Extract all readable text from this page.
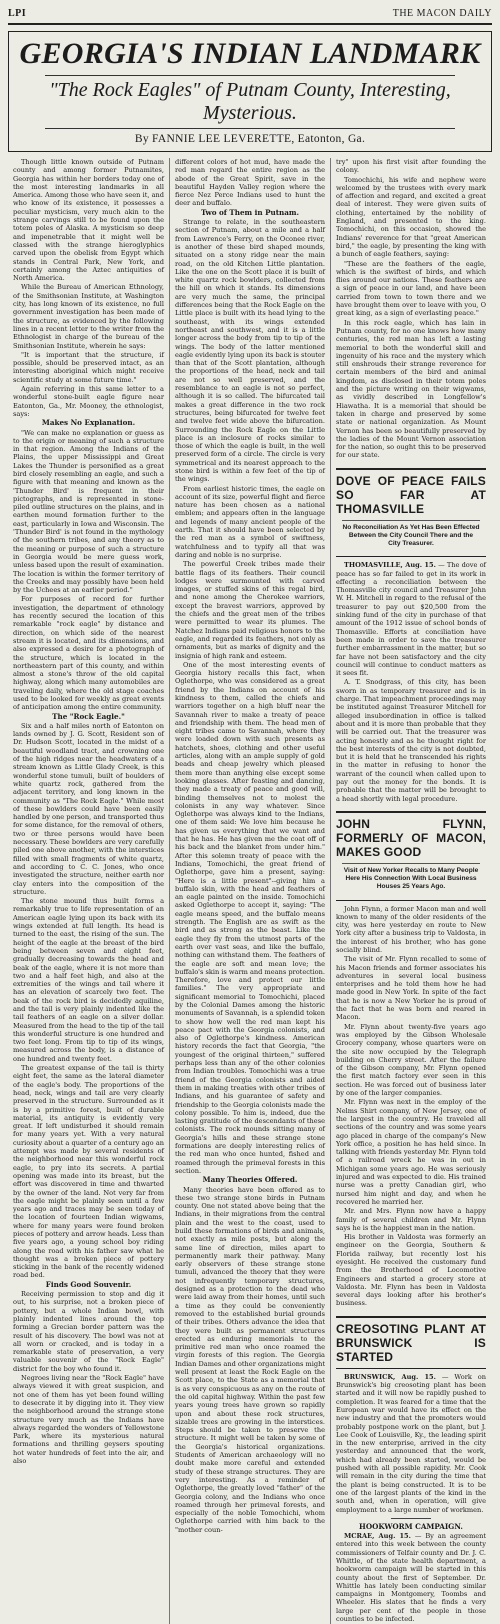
LPI	THE MACON DAILY
GEORGIA'S INDIAN LANDMARK
"The Rock Eagles" of Putnam County, Interesting, Mysterious.
By FANNIE LEE LEVERETTE, Eatonton, Ga.

Though little known outside of Putnam county and among former Putnamites, Georgia has within her borders today one of the most interesting landmarks in all America. Among those who have seen it, and who know of its existence, it possesses a peculiar mysticism, very much akin to the strange carvings still to be found upon the totem poles of Alaska. A mysticism so deep and impenetrable that it might well be classed with the strange hieroglyphics carved upon the obelisk from Egypt which stands in Central Park, New York, and certainly among the Aztec antiquities of North America.

While the Bureau of American Ethnology, of the Smithsonian Institute, at Washington city, has long known of its existence, no full government investigation has been made of the structure, as evidenced by the following lines in a recent letter to the writer from the Ethnologist in charge of the bureau of the Smithsonian Institute, wherein he says:

"It is important that the structure, if possible, should be preserved intact, as an interesting aboriginal which might receive scientific study at some future time."

Again referring in this same letter to a wonderful stone-built eagle figure near Eatonton, Ga., Mr. Mooney, the ethnologist, says:

Makes No Explanation.

"We can make no explanation or guess as to the origin or meaning of such a structure in that region. Among the Indians of the Plains, the upper Mississippi and Great Lakes the Thunder is personified as a great bird closely resembling an eagle, and such a figure with that meaning and known as the 'Thunder Bird' is frequent in their pictographs, and is represented in stone-piled outline structures on the plains, and in earthen mound formation further to the east, particularly in Iowa and Wisconsin. The 'Thunder Bird' is not found in the mythology of the southern tribes, and any theory as to the meaning or purpose of such a structure in Georgia would be mere guess work, unless based upon the result of examination. The location is within the former territory of the Creeks and may possibly have been held by the Uchees at an earlier period."

For purposes of record for further investigation, the department of ethnology has recently secured the location of this remarkable "rock eagle" by distance and direction, on which side of the nearest stream it is located, and its dimensions, and also expressed a desire for a photograph of the structure, which is located in the northeastern part of this county, and within almost a stone's throw of the old capital highway, along which many automobiles are traveling daily, where the old stage coaches used to be looked for weekly as great events of anticipation among the entire community.

The "Rock Eagle."

Six and a half miles north of Eatonton on lands owned by J. G. Scott, Resident son of Dr. Hudson Scott, located in the midst of a beautiful woodland tract, and crowning one of the high ridges near the headwaters of a stream known as Little Glady Creek, is this wonderful stone tumuli, built of boulders of white quartz rock, gathered from the adjacent territory, and long known in the community as "The Rock Eagle." While most of these bowlders could have been easily handled by one person, and transported thus for some distance, for the removal of others, two or three persons would have been necessary. These bowlders are very carefully piled one above another, with the interstices filled with small fragments of white quartz, and according to C. C. Jones, who once investigated the structure, neither earth nor clay enters into the composition of the structure.

The stone mound thus built forms a remarkably true to life representation of an American eagle lying upon its back with its wings extended at full length. Its head is turned to the east, the rising of the sun. The height of the eagle at the breast of the bird being between seven and eight feet, gradually decreasing towards the head and beak of the eagle, where it is not more than two and a half feet high, and also at the extremities of the wings and tail where it has an elevation of scarcely two feet. The beak of the rock bird is decidedly aquiline, and the tail is very plainly indented like the tail feathers of an eagle on a silver dollar. Measured from the head to the tip of the tail this wonderful structure is one hundred and two feet long. From tip to tip of its wings, measured across the body, is a distance of one hundred and twenty feet.

The greatest expanse of the tail is thirty eight feet, the same as the lateral diameter of the eagle's body. The proportions of the head, neck, wings and tail are very clearly preserved in the structure. Surrounded as it is by a primitive forest, built of durable material, its antiquity is evidently very great. If left undisturbed it should remain for many years yet. With a very natural curiosity about a quarter of a century ago an attempt was made by several residents of the neighborhood near this wonderful rock eagle, to pry into its secrets. A partial opening was made into its breast, but the effort was discovered in time and thwarted by the owner of the land. Not very far from the eagle might be plainly seen until a few years ago and traces may be seen today of the location of fourteen Indian wigwams, where for many years were found broken pieces of pottery and arrow heads. Less than five years ago, a young school boy riding along the road with his father saw what he thought was a broken piece of pottery sticking in the bank of the recently widened road bed.

Finds Good Souvenir.

Receiving permission to stop and dig it out, to his surprise, not a broken piece of pottery, but a whole Indian bowl, with plainly indented lines around the top forming a Grecian border pattern was the result of his discovery. The bowl was not at all worn or cracked, and is today in a remarkable state of preservation, a very valuable souvenir of the "Rock Eagle" district for the boy who found it.

Negroes living near the "Rock Eagle" have always viewed it with great suspicion, and not one of them has yet been found willing to desecrate it by digging into it. They view the neighborhood around the strange stone structure very much as the Indians have always regarded the wonders of Yellowstone Park, where its mysterious natural formations and thrilling geysers spouting hot water hundreds of feet into the air, and also

different colors of hot mud, have made the red man regard the entire region as the abode of the Great Spirit, save in the beautiful Hayden Valley region where the fierce Nez Perce Indians used to hunt the deer and buffalo.

Two of Them in Putnam.

Strange to relate, in the southeastern section of Putnam, about a mile and a half from Lawrence's Ferry, on the Oconee river, is another of these bird shaped mounds, situated on a stony ridge near the main road, on the old Kitchen Little plantation. Like the one on the Scott place it is built of white quartz rock bowlders, collected from the hill on which it stands. Its dimensions are very much the same, the principal differences being that the Rock Eagle on the Little place is built with its head lying to the southeast, with its wings extended northeast and southwest, and it is a little longer across the body from tip to tip of the wings. The body of the latter mentioned eagle evidently lying upon its back is stouter than that of the Scott plantation, although the proportions of the head, neck and tail are not so well preserved, and the resemblance to an eagle is not so perfect, although it is so called. The bifurcated tail makes a great difference in the two rock structures, being bifurcated for twelve feet and twelve feet wide above the bifurcation. Surrounding the Rock Eagle on the Little place is an inclosure of rocks similar to those of which the eagle is built, in the well preserved form of a circle. The circle is very symmetrical and its nearest approach to the stone bird is within a few feet of the tip of the wings.

From earliest historic times, the eagle on account of its size, powerful flight and fierce nature has been chosen as a national emblem; and appears often in the language and legends of many ancient people of the earth. That it should have been selected by the red man as a symbol of swiftness, watchfulness and to typify all that was daring and noble is no surprise.

The powerful Creek tribes made their battle flags of its feathers. Their council lodges were surmounted with carved images, or stuffed skins of this regal bird, and none among the Cherokee warriors, except the bravest warriors, approved by the chiefs and the great men of the tribes were permitted to wear its plumes. The Natchez Indians paid religious honors to the eagle, and regarded its feathers, not only as ornaments, but as marks of dignity and the insignia of high rank and esteem.

One of the most interesting events of Georgia history recalls this fact, when Oglethorpe, who was considered as a great friend by the Indians on account of his kindness to them, called the chiefs and warriors together on a high bluff near the Savannah river to make a treaty of peace and friendship with them. The head men of eight tribes came to Savannah, where they were loaded down with such presents as hatchets, shoes, clothing and other useful articles, along with an ample supply of gold beads and cheap jewelry which pleased them more than anything else except some looking glasses. After feasting and dancing, they made a treaty of peace and good will, binding themselves not to molest the colonists in any way whatever. Since Oglethorpe was always kind to the Indians, one of them said: We love him because he has given us everything that we want and that he has. He has given me the coat off of his back and the blanket from under him." After this solemn treaty of peace with the Indians, Tomochichi, the great friend of Oglethorpe, gave him a present, saying: "Here is a little present"--giving him a buffalo skin, with the head and feathers of an eagle painted on the inside. Tomochichi asked Oglethorpe to accept it, saying: "The eagle means speed, and the buffalo means strength. The English are as swift as the bird and as strong as the beast. Like the eagle they fly from the utmost parts of the earth over vast seas, and like the buffalo, nothing can withstand them. The feathers of the eagle are soft and mean love; the buffalo's skin is warm and means protection. Therefore, love and protect our little families." The very appropriate and significant memorial to Tomochichi, placed by the Colonial Dames among the historic monuments of Savannah, is a splendid token to show how well the red man kept his peace pact with the Georgia colonists, and also of Oglethorpe's kindness. American history records the fact that Georgia, "the youngest of the original thirteen," suffered perhaps less than any of the other colonies from Indian troubles. Tomochichi was a true friend of the Georgia colonists and aided them in making treaties with other tribes of Indians, and his guarantee of safety and friendship to the Georgia colonists made the colony possible. To him is, indeed, due the lasting gratitude of the descendants of these colonists. The rock mounds sitting many of Georgia's hills and these strange stone formations are deeply interesting relics of the red man who once hunted, fished and roamed through the primeval forests in this section.

Many Theories Offered.

Many theories have been offered as to these two strange stone birds in Putnam county. One not stated above being that the Indians, in their migrations from the central plain and the west to the coast, used to build these formations of birds and animals, not exactly as mile posts, but along the same line of direction, miles apart to permanently mark their pathway. Many early observers of these strange stone tumuli, advanced the theory that they were not infrequently temporary structures, designed as a protection to the dead who were laid away from their homes, until such a time as they could be conveniently removed to the established burial grounds of their tribes. Others advance the idea that they were built as permanent structures erected as enduring memorials to the primitive red man who once roamed the virgin forests of this region. The Georgia Indian Dames and other organizations might well present at least the Rock Eagle on the Scott place, to the State as a memorial that is as very conspicuous as any on the route of the old capital highway. Within the past few years young trees have grown so rapidly upon and about these rock structures, sizable trees are growing in the interstices. Steps should be taken to preserve the structure. It might well be taken by some of the Georgia's historical organizations. Students of American archaeology will no doubt make more careful and extended study of these strange structures. They are very interesting. As a reminder of Oglethorpe, the greatly loved "father" of the Georgia colony, and the Indians who once roamed through her primeval forests, and especially of the noble Tomochichi, whom Oglethorpe carried with him back to the "mother coun-

try" upon his first visit after founding the colony.

Tomochichi, his wife and nephew were welcomed by the trustees with every mark of affection and regard, and excited a great deal of interest. They were given suits of clothing, entertained by the nobility of England, and presented to the king. Tomochichi, on this occasion, showed the Indians' reverence for that "great American bird," the eagle, by presenting the king with a bunch of eagle feathers, saying:

"These are the feathers of the eagle, which is the swiftest of birds, and which flies around our nations. These feathers are a sign of peace in our land, and have been carried from town to town there and we have brought them over to leave with you, O great king, as a sign of everlasting peace."

In this rock eagle, which has lain in Putnam county, for no one knows how many centuries, the red man has left a lasting memorial to both the wonderful skill and ingenuity of his race and the mystery which still enshrouds their strange reverence for certain members of the bird and animal kingdom, as disclosed in their totem poles and the picture writing on their wigwams, as vividly described in Longfellow's Hiawatha. It is a memorial that should be taken in charge and preserved by some state or national organization. As Mount Vernon has been so beautifully preserved by the ladies of the Mount Vernon association for the nation, so ought this to be preserved for our state.

DOVE OF PEACE FAILS SO FAR AT THOMASVILLE
No Reconciliation As Yet Has Been Effected Between the City Council There and the City Treasurer.

THOMASVILLE, Aug. 15. — The dove of peace has so far failed to get in its work in effecting a reconciliation between the Thomasville city council and Treasurer John W. H. Mitchell in regard to the refusal of the treasurer to pay out $20,500 from the sinking fund of the city in purchase of that amount of the 1912 issue of school bonds of Thomasville. Efforts at conciliation have been made in order to save the treasurer further embarrassment in the matter, but so far have not been satisfactory and the city council will continue to conduct matters as it sees fit.

A. T. Snodgrass, of this city, has been sworn in as temporary treasurer and is in charge. That impeachment proceedings may be instituted against Treasurer Mitchell for alleged insubordination in office is talked about and it is more than probable that they will be carried out. That the treasurer was acting honestly and as he thought right for the best interests of the city is not doubted, but it is held that he transcended his rights in the matter in refusing to honor the warrant of the council when called upon to pay out the money for the bonds. It is probable that the matter will be brought to a head shortly with legal procedure.

JOHN FLYNN, FORMERLY OF MACON, MAKES GOOD
Visit of New Yorker Recalls to Many People Here His Connection With Local Business Houses 25 Years Ago.

John Flynn, a former Macon man and well known to many of the older residents of the city, was here yesterday en route to New York city after a business trip to Valdosta, in the interest of his brother, who has gone socially blind.

The visit of Mr. Flynn recalled to some of his Macon friends and former associates his adventures in several local business enterprises and he told them how he had made good in New York. In spite of the fact that he is now a New Yorker he is proud of the fact that he was born and reared in Macon.

Mr. Flynn about twenty-five years ago was employed by the Gibson Wholesale Grocery company, whose quarters were on the site now occupied by the Telegraph building on Cherry street. After the failure of the Gibson company, Mr. Flynn opened the first match factory ever seen in this section. He was forced out of business later by one of the larger companies.

Mr. Flynn was next in the employ of the Nelms Shirt company, of New Jersey, one of the largest in the country. He traveled all sections of the country and was some years ago placed in charge of the company's New York office, a position he has held since. In talking with friends yesterday Mr. Flynn told of a railroad wreck he was in out in Michigan some years ago. He was seriously injured and was expected to die. His trained nurse was a pretty Canadian girl, who nursed him night and day, and when he recovered he married her.

Mr. and Mrs. Flynn now have a happy family of several children and Mr. Flynn says he is the happiest man in the nation.

His brother in Valdosta was formerly an engineer on the Georgia, Southern & Florida railway, but recently lost his eyesight. He received the customary fund from the Brotherhood of Locomotive Engineers and started a grocery store at Valdosta. Mr. Flynn has been in Valdosta several days looking after his brother's business.

CREOSOTING PLANT AT BRUNSWICK IS STARTED

BRUNSWICK, Aug. 15. — Work on Brunswick's big creosoting plant has been started and it will now be rapidly pushed to completion. It was feared for a time that the European war would have its effect on the new industry and that the promoters would probably postpone work on the plant, but J. Lee Cook of Louisville, Ky., the leading spirit in the new enterprise, arrived in the city yesterday and announced that the work, which had already been started, would be pushed with all possible rapidity. Mr. Cook will remain in the city during the time that the plant is being constructed. It is to be one of the largest plants of the kind in the south and, when in operation, will give employment to a large number of workmen.

HOOKWORM CAMPAIGN.

MCRAE, Aug. 15. — By an agreement entered into this week between the county commissioners of Telfair county and Dr. J. C. Whittle, of the state health department, a hookworm campaign will be started in this county about the first of September. Dr. Whittle has lately been conducting similar campaigns in Montgomery, Toombs and Wheeler. His slates that he finds a very large per cent of the people in those counties to be infected.
